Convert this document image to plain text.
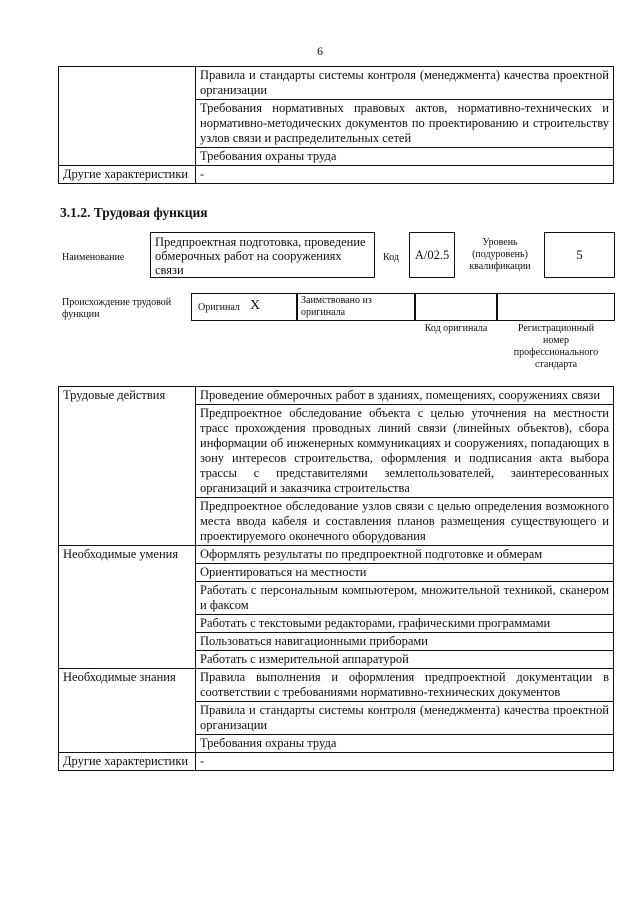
6
	Правила и стандарты системы контроля (менеджмента) качества проектной организации
	Требования нормативных правовых актов, нормативно-технических и нормативно-методических документов по проектированию и строительству узлов связи и распределительных сетей
	Требования охраны труда
Другие характеристики	-
3.1.2. Трудовая функция
Наименование
Предпроектная подготовка, проведение обмерочных работ на сооружениях связи
Код	A/02.5
Уровень (подуровень) квалификации
5
Происхождение трудовой функции
Оригинал X	Заимствовано из оригинала
Код оригинала	Регистрационный номер профессионального стандарта
Трудовые действия	Проведение обмерочных работ в зданиях, помещениях, сооружениях связи
	Предпроектное обследование объекта с целью уточнения на местности трасс прохождения проводных линий связи (линейных объектов), сбора информации об инженерных коммуникациях и сооружениях, попадающих в зону интересов строительства, оформления и подписания акта выбора трассы с представителями землепользователей, заинтересованных организаций и заказчика строительства
	Предпроектное обследование узлов связи с целью определения возможного места ввода кабеля и составления планов размещения существующего и проектируемого оконечного оборудования
Необходимые умения	Оформлять результаты по предпроектной подготовке и обмерам
	Ориентироваться на местности
	Работать с персональным компьютером, множительной техникой, сканером и факсом
	Работать с текстовыми редакторами, графическими программами
	Пользоваться навигационными приборами
	Работать с измерительной аппаратурой
Необходимые знания	Правила выполнения и оформления предпроектной документации в соответствии с требованиями нормативно-технических документов
	Правила и стандарты системы контроля (менеджмента) качества проектной организации
	Требования охраны труда
Другие характеристики	-
